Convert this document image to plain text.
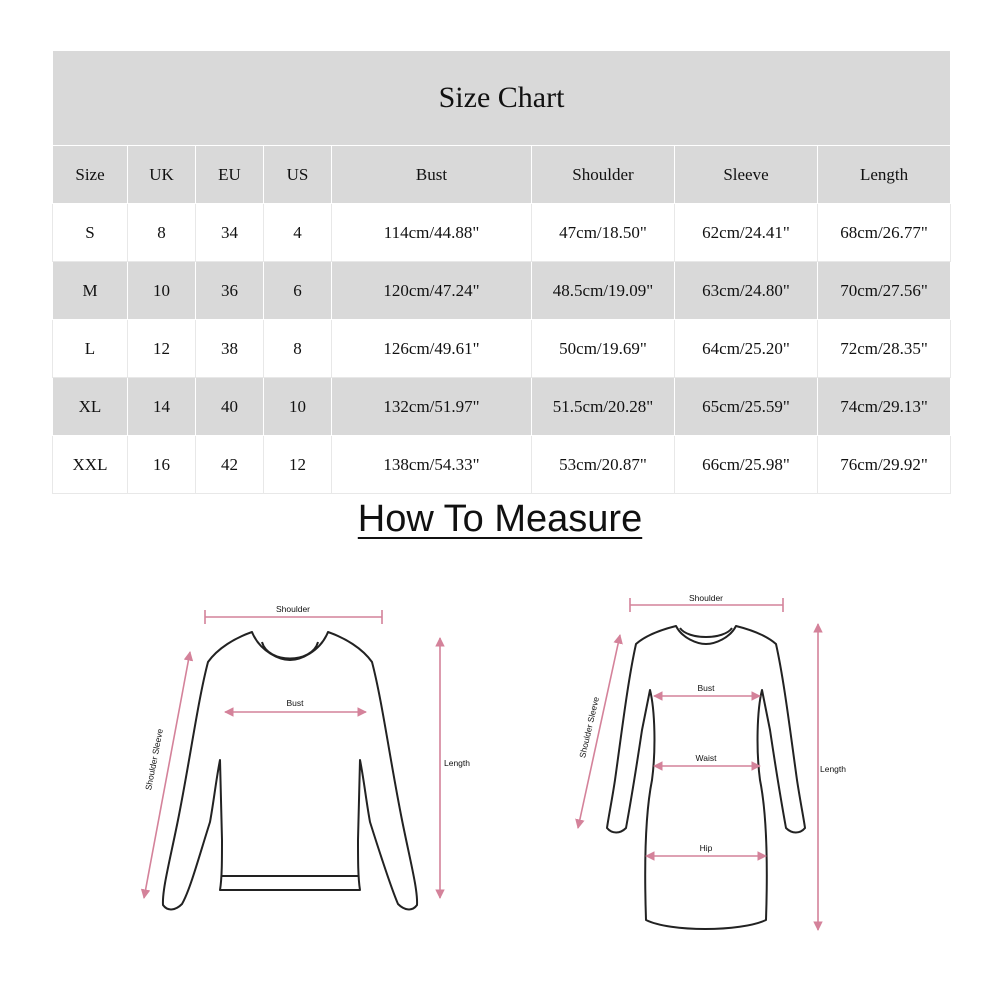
Size Chart							
Size	UK	EU	US	Bust	Shoulder	Sleeve	Length
S	8	34	4	114cm/44.88"	47cm/18.50"	62cm/24.41"	68cm/26.77"
M	10	36	6	120cm/47.24"	48.5cm/19.09"	63cm/24.80"	70cm/27.56"
L	12	38	8	126cm/49.61"	50cm/19.69"	64cm/25.20"	72cm/28.35"
XL	14	40	10	132cm/51.97"	51.5cm/20.28"	65cm/25.59"	74cm/29.13"
XXL	16	42	12	138cm/54.33"	53cm/20.87"	66cm/25.98"	76cm/29.92"
How To Measure
Shoulder
Bust
Shoulder Sleeve	Length
Shoulder
Bust
Waist
Hip
Shoulder Sleeve
Length
